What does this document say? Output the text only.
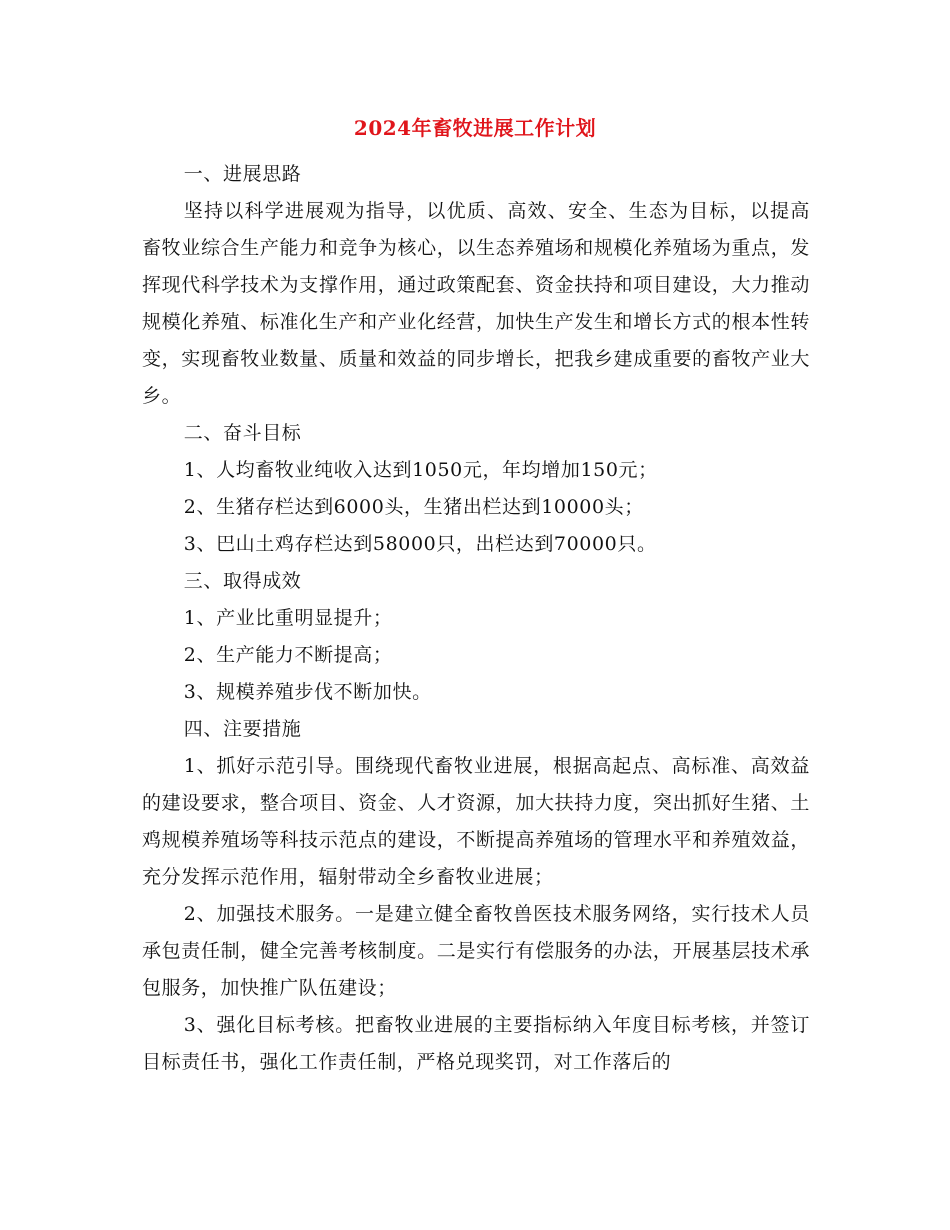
2024年畜牧进展工作计划

一、进展思路

坚持以科学进展观为指导，以优质、高效、安全、生态为目标，以提高畜牧业综合生产能力和竞争为核心，以生态养殖场和规模化养殖场为重点，发挥现代科学技术为支撑作用，通过政策配套、资金扶持和项目建设，大力推动规模化养殖、标准化生产和产业化经营，加快生产发生和增长方式的根本性转变，实现畜牧业数量、质量和效益的同步增长，把我乡建成重要的畜牧产业大乡。

二、奋斗目标

1、人均畜牧业纯收入达到1050元，年均增加150元；

2、生猪存栏达到6000头，生猪出栏达到10000头；

3、巴山土鸡存栏达到58000只，出栏达到70000只。

三、取得成效

1、产业比重明显提升；

2、生产能力不断提高；

3、规模养殖步伐不断加快。

四、注要措施

1、抓好示范引导。围绕现代畜牧业进展，根据高起点、高标准、高效益的建设要求，整合项目、资金、人才资源，加大扶持力度，突出抓好生猪、土鸡规模养殖场等科技示范点的建设，不断提高养殖场的管理水平和养殖效益，充分发挥示范作用，辐射带动全乡畜牧业进展；

2、加强技术服务。一是建立健全畜牧兽医技术服务网络，实行技术人员承包责任制，健全完善考核制度。二是实行有偿服务的办法，开展基层技术承包服务，加快推广队伍建设；

3、强化目标考核。把畜牧业进展的主要指标纳入年度目标考核，并签订目标责任书，强化工作责任制，严格兑现奖罚，对工作落后的
